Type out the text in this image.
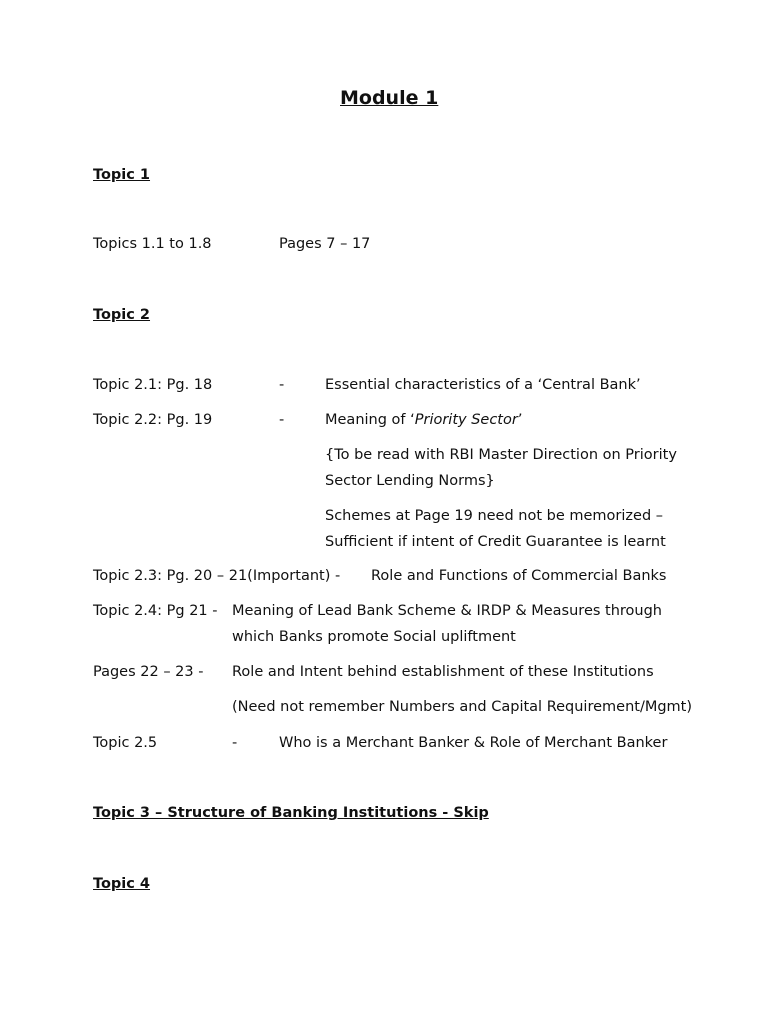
Module 1
Topic 1
Topics 1.1 to 1.8	Pages 7 – 17
Topic 2
Topic 2.1: Pg. 18	-	Essential characteristics of a ‘Central Bank’
Topic 2.2: Pg. 19	-	Meaning of ‘Priority Sector’
{To be read with RBI Master Direction on Priority
Sector Lending Norms}
Schemes at Page 19 need not be memorized –
Sufficient if intent of Credit Guarantee is learnt
Topic 2.3: Pg. 20 – 21(Important) - Role and Functions of Commercial Banks
Topic 2.4: Pg 21 - Meaning of Lead Bank Scheme & IRDP & Measures through
which Banks promote Social upliftment
Pages 22 – 23 - Role and Intent behind establishment of these Institutions
(Need not remember Numbers and Capital Requirement/Mgmt)
Topic 2.5	-	Who is a Merchant Banker & Role of Merchant Banker
Topic 3 – Structure of Banking Institutions - Skip
Topic 4
